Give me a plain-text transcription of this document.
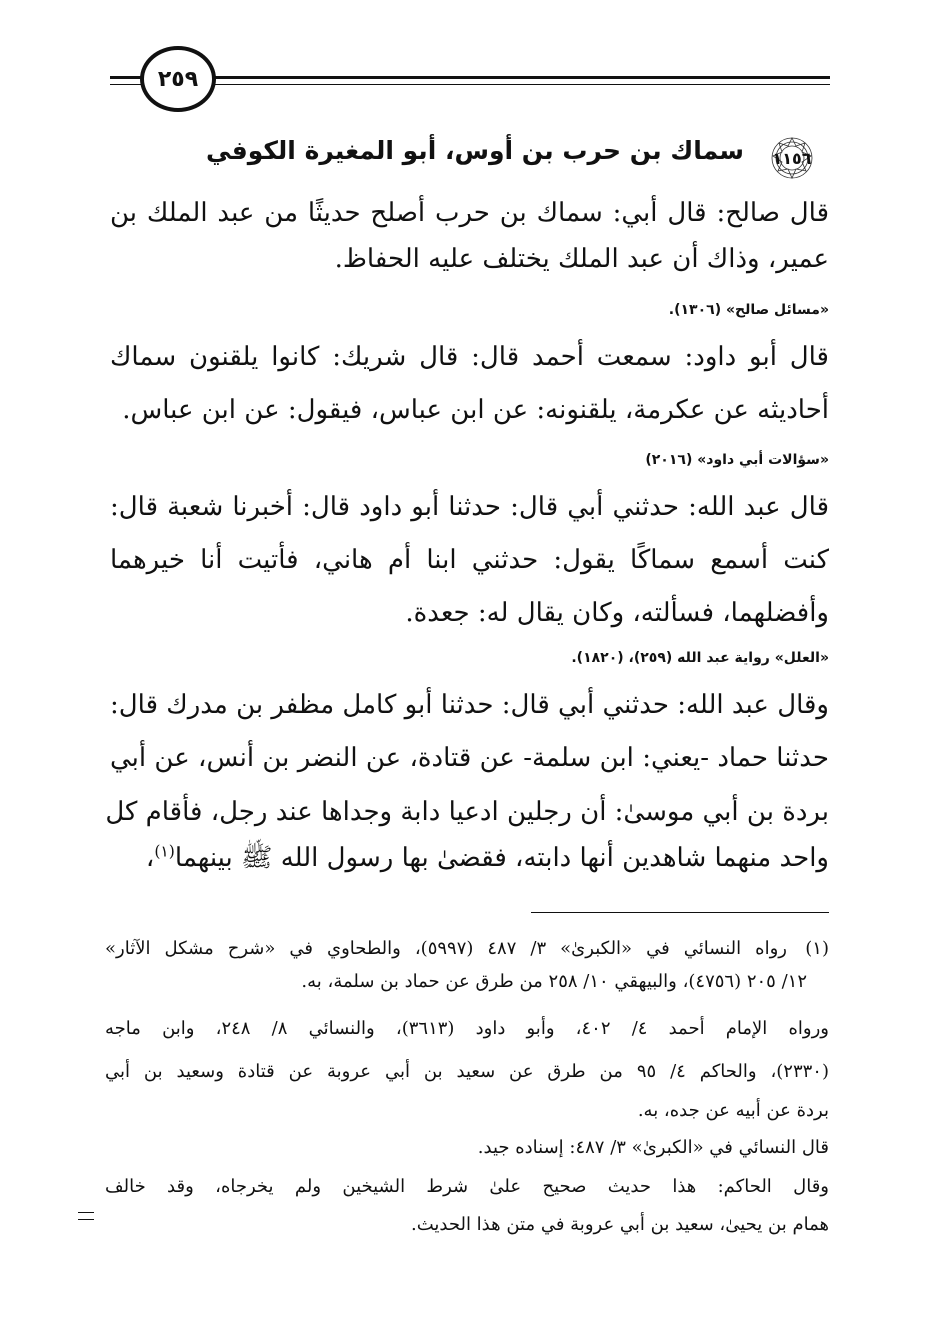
٢٥٩
١١٥٦
سماك بن حرب بن أوس، أبو المغيرة الكوفي
قال صالح: قال أبي: سماك بن حرب أصلح حديثًا من عبد الملك بن
عمير، وذاك أن عبد الملك يختلف عليه الحفاظ.
«مسائل صالح» (١٣٠٦).
قال أبو داود: سمعت أحمد قال: قال شريك: كانوا يلقنون سماك
أحاديثه عن عكرمة، يلقنونه: عن ابن عباس، فيقول: عن ابن عباس.
«سؤالات أبي داود» (٢٠١٦)
قال عبد الله: حدثني أبي قال: حدثنا أبو داود قال: أخبرنا شعبة قال:
كنت أسمع سماكًا يقول: حدثني ابنا أم هاني، فأتيت أنا خيرهما
وأفضلهما، فسألته، وكان يقال له: جعدة.
«العلل» رواية عبد الله (٢٥٩)، (١٨٢٠).
وقال عبد الله: حدثني أبي قال: حدثنا أبو كامل مظفر بن مدرك قال:
حدثنا حماد -يعني: ابن سلمة- عن قتادة، عن النضر بن أنس، عن أبي
بردة بن أبي موسىٰ: أن رجلين ادعيا دابة وجداها عند رجل، فأقام كل
واحد منهما شاهدين أنها دابته، فقضىٰ بها رسول الله ﷺ بينهما$^{(١)}$،
(١)
رواه النسائي في «الكبرىٰ» ٣/ ٤٨٧ (٥٩٩٧)، والطحاوي في «شرح مشكل الآثار»
١٢/ ٢٠٥ (٤٧٥٦)، والبيهقي ١٠/ ٢٥٨ من طرق عن حماد بن سلمة، به.
ورواه الإمام أحمد ٤/ ٤٠٢، وأبو داود (٣٦١٣)، والنسائي ٨/ ٢٤٨، وابن ماجه
(٢٣٣٠)، والحاكم ٤/ ٩٥ من طرق عن سعيد بن أبي عروبة عن قتادة وسعيد بن أبي
بردة عن أبيه عن جده، به.
قال النسائي في «الكبرىٰ» ٣/ ٤٨٧: إسناده جيد.
وقال الحاكم: هذا حديث صحيح علىٰ شرط الشيخين ولم يخرجاه، وقد خالف
همام بن يحيىٰ، سعيد بن أبي عروبة في متن هذا الحديث.
